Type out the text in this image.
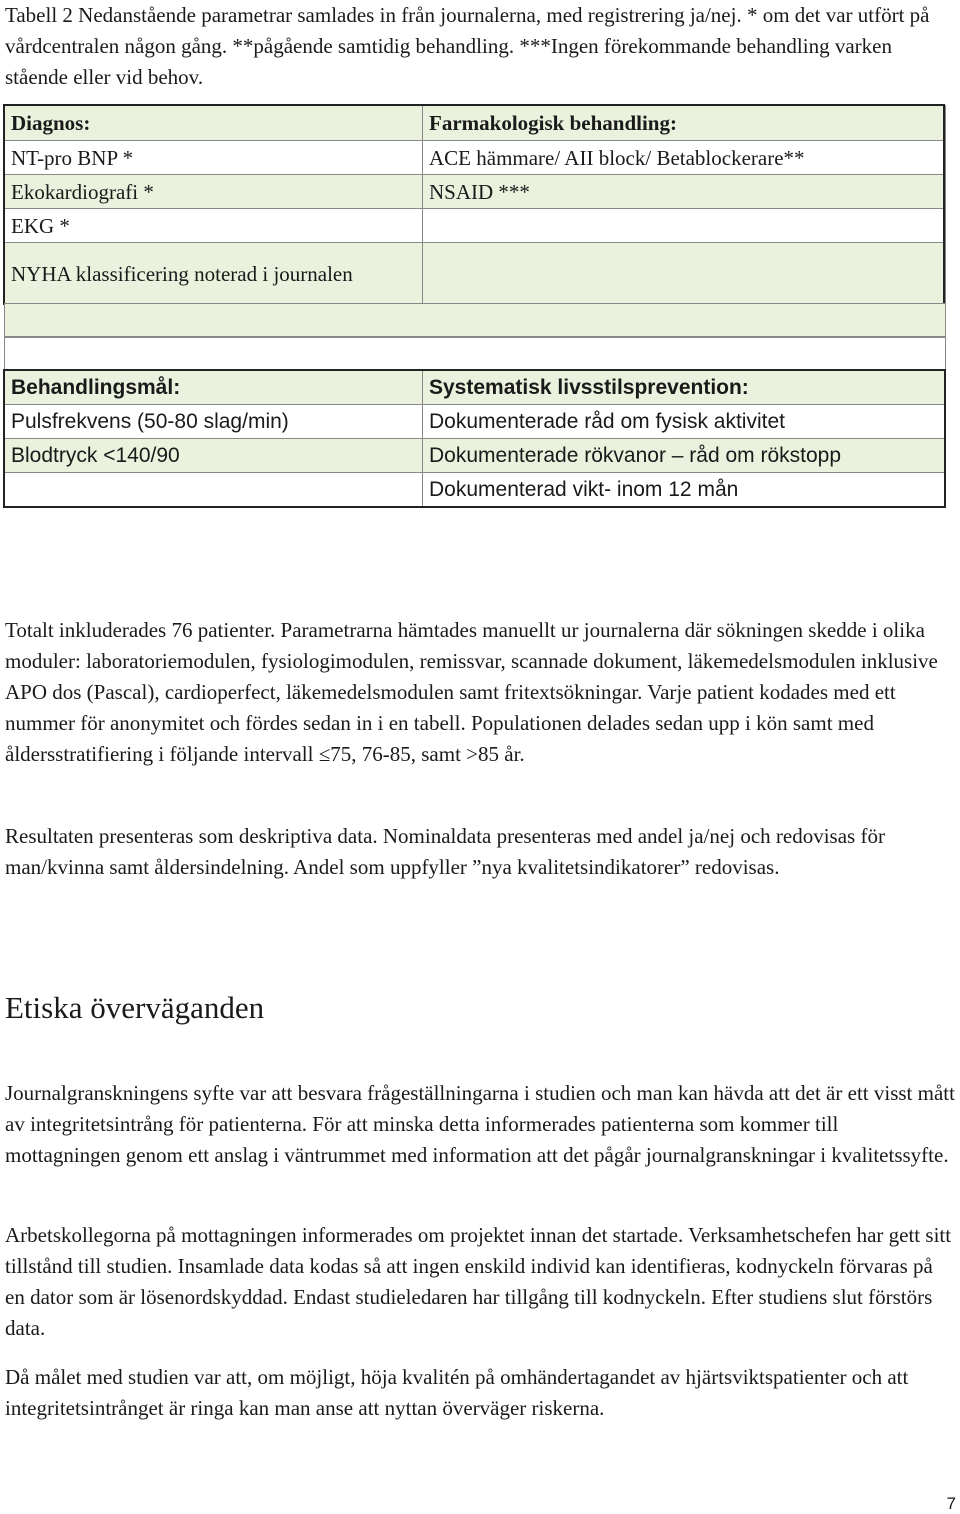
Tabell 2 Nedanstående parametrar samlades in från journalerna, med registrering ja/nej. * om det var utfört på vårdcentralen någon gång. **pågående samtidig behandling. ***Ingen förekommande behandling varken stående eller vid behov.

Diagnos:	Farmakologisk behandling:
NT-pro BNP *	ACE hämmare/ AII block/ Betablockerare**
Ekokardiografi *	NSAID ***
EKG *	
NYHA klassificering noterad i journalen	
Behandlingsmål:	Systematisk livsstilsprevention:
Pulsfrekvens (50-80 slag/min)	Dokumenterade råd om fysisk aktivitet
Blodtryck <140/90	Dokumenterade rökvanor – råd om rökstopp
	Dokumenterad vikt- inom 12 mån

Totalt inkluderades 76 patienter. Parametrarna hämtades manuellt ur journalerna där sökningen skedde i olika moduler: laboratoriemodulen, fysiologimodulen, remissvar, scannade dokument, läkemedelsmodulen inklusive APO dos (Pascal), cardioperfect, läkemedelsmodulen samt fritextsökningar. Varje patient kodades med ett nummer för anonymitet och fördes sedan in i en tabell. Populationen delades sedan upp i kön samt med åldersstratifiering i följande intervall ≤75, 76-85, samt >85 år.

Resultaten presenteras som deskriptiva data. Nominaldata presenteras med andel ja/nej och redovisas för man/kvinna samt åldersindelning. Andel som uppfyller ”nya kvalitetsindikatorer” redovisas.

Etiska överväganden

Journalgranskningens syfte var att besvara frågeställningarna i studien och man kan hävda att det är ett visst mått av integritetsintrång för patienterna. För att minska detta informerades patienterna som kommer till mottagningen genom ett anslag i väntrummet med information att det pågår journalgranskningar i kvalitetssyfte.

Arbetskollegorna på mottagningen informerades om projektet innan det startade. Verksamhetschefen har gett sitt tillstånd till studien. Insamlade data kodas så att ingen enskild individ kan identifieras, kodnyckeln förvaras på en dator som är lösenordskyddad. Endast studieledaren har tillgång till kodnyckeln. Efter studiens slut förstörs data.

Då målet med studien var att, om möjligt, höja kvalitén på omhändertagandet av hjärtsviktspatienter och att integritetsintrånget är ringa kan man anse att nyttan överväger riskerna.

7
